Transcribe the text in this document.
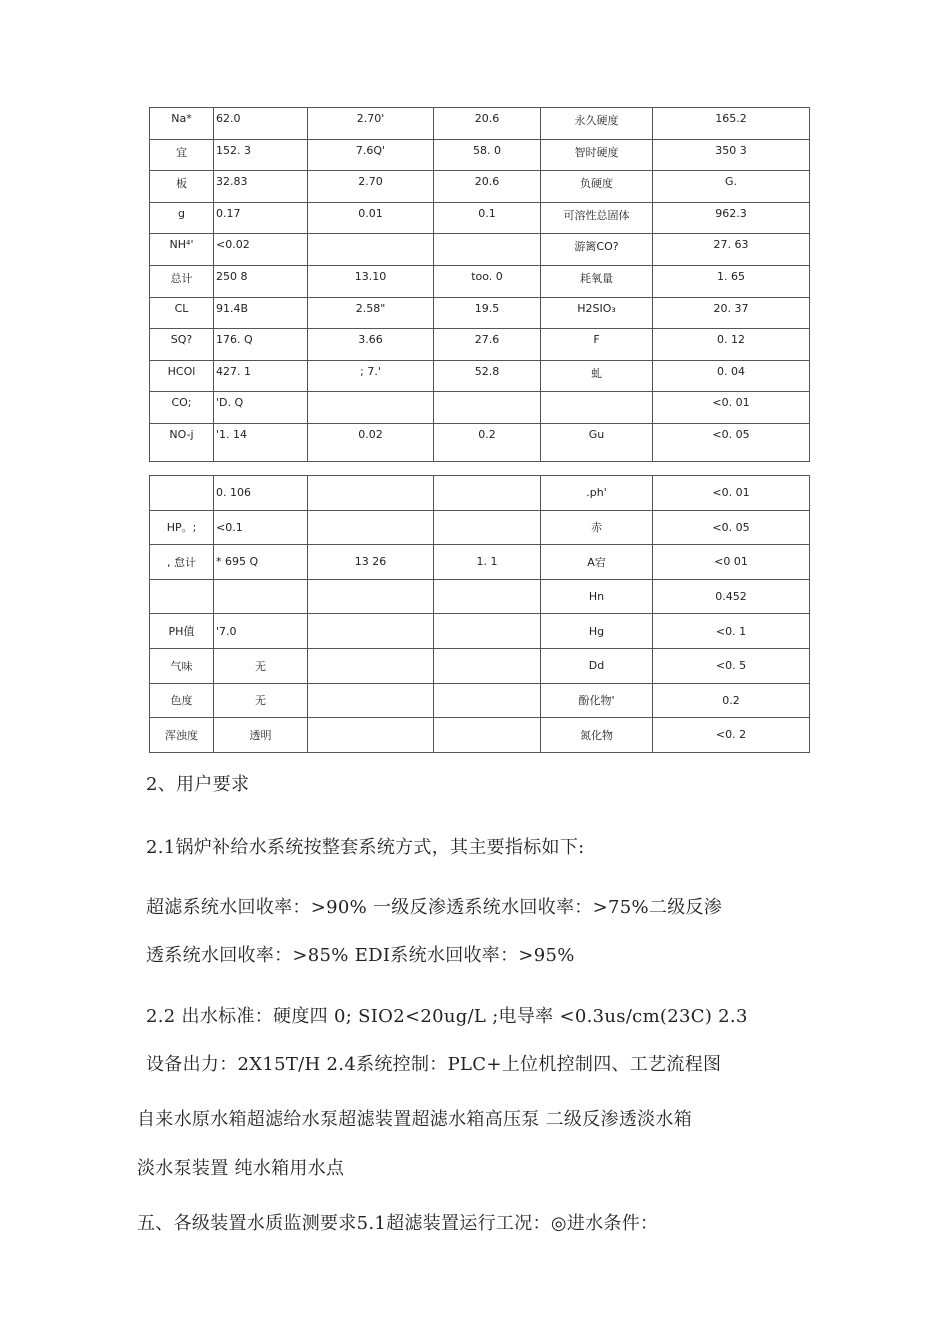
Na*	62.0	2.70'	20.6	永久硬度	165.2
宜	152. 3	7.6Q'	58. 0	智时硬度	350 3
板	32.83	2.70	20.6	负硬度	G.
g	0.17	0.01	0.1	可溶性总固体	962.3
NH⁴'	<0.02			游篱CO?	27. 63
总计	250 8	13.10	too. 0	耗氧量	1. 65
CL	91.4B	2.58"	19.5	H2SIO₃	20. 37
SQ?	176. Q	3.66	27.6	F	0. 12
HCOl	427. 1	; 7.'	52.8	虬	0. 04
CO;	'D. Q				<0. 01
NO-j	'1. 14	0.02	0.2	Gu	<0. 05
	0. 106			.ph'	<0. 01
HP。;	<0.1			赤	<0. 05
, 怠计	* 695 Q	13 26	1. 1	A宕	<0 01
				Hn	0.452
PH值	'7.0			Hg	<0. 1
气味	无			Dd	<0. 5
色度	无			酚化物'	0.2
浑浊度	透明			氮化物	<0. 2
2、用户要求
2.1锅炉补给水系统按整套系统方式，其主要指标如下:
超滤系统水回收率：>90% 一级反渗透系统水回收率：>75%二级反渗
透系统水回收率：>85% EDI系统水回收率：>95%
2.2 出水标准：硬度四 0; SIO2<20ug/L ;电导率 <0.3us/cm(23C) 2.3
设备出力：2X15T/H 2.4系统控制：PLC+上位机控制四、工艺流程图
自来水原水箱超滤给水泵超滤装置超滤水箱高压泵 二级反渗透淡水箱
淡水泵装置 纯水箱用水点
五、各级装置水质监测要求5.1超滤装置运行工况：◎进水条件：
